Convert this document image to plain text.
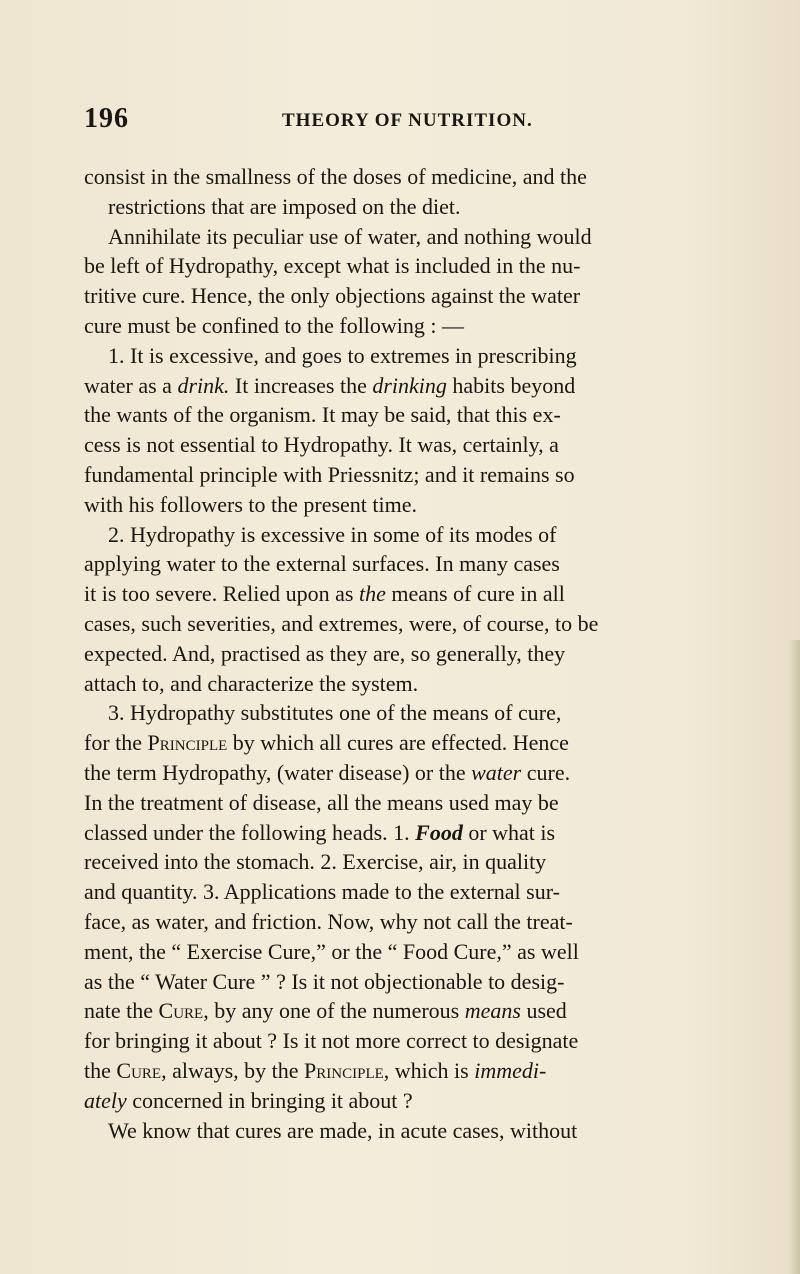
196	THEORY OF NUTRITION.
consist in the smallness of the doses of medicine, and the
restrictions that are imposed on the diet.
Annihilate its peculiar use of water, and nothing would
be left of Hydropathy, except what is included in the nu-
tritive cure. Hence, the only objections against the water
cure must be confined to the following : —
1. It is excessive, and goes to extremes in prescribing
water as a drink. It increases the drinking habits beyond
the wants of the organism. It may be said, that this ex-
cess is not essential to Hydropathy. It was, certainly, a
fundamental principle with Priessnitz; and it remains so
with his followers to the present time.
2. Hydropathy is excessive in some of its modes of
applying water to the external surfaces. In many cases
it is too severe. Relied upon as the means of cure in all
cases, such severities, and extremes, were, of course, to be
expected. And, practised as they are, so generally, they
attach to, and characterize the system.
3. Hydropathy substitutes one of the means of cure,
for the Principle by which all cures are effected. Hence
the term Hydropathy, (water disease) or the water cure.
In the treatment of disease, all the means used may be
classed under the following heads. 1. Food or what is
received into the stomach. 2. Exercise, air, in quality
and quantity. 3. Applications made to the external sur-
face, as water, and friction. Now, why not call the treat-
ment, the “ Exercise Cure,” or the “ Food Cure,” as well
as the “ Water Cure ” ? Is it not objectionable to desig-
nate the Cure, by any one of the numerous means used
for bringing it about ? Is it not more correct to designate
the Cure, always, by the Principle, which is immedi-
ately concerned in bringing it about ?
We know that cures are made, in acute cases, without
